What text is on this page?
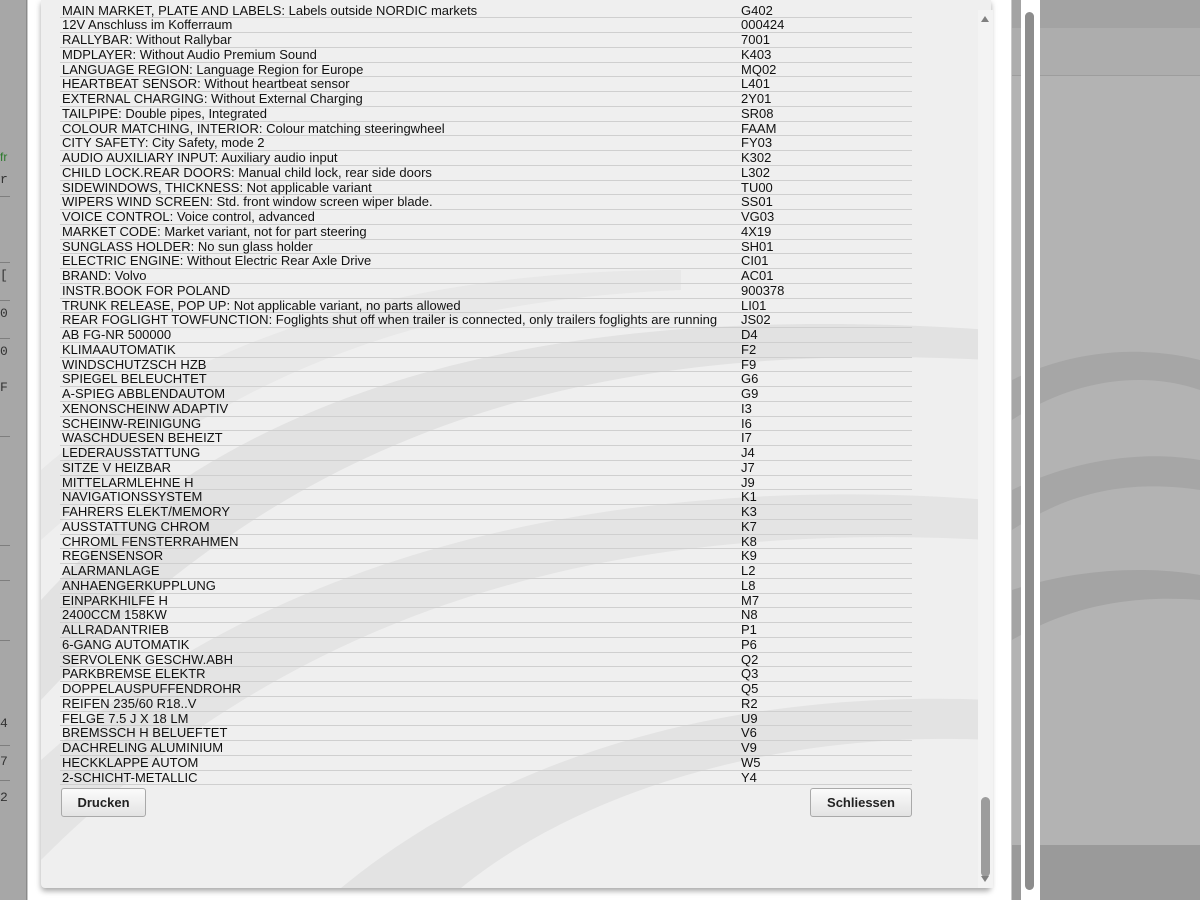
fr
r
[
0
0
F
4
7
2
MAIN MARKET, PLATE AND LABELS: Labels outside NORDIC markets	G402
12V Anschluss im Kofferraum	000424
RALLYBAR: Without Rallybar	7001
MDPLAYER: Without Audio Premium Sound	K403
LANGUAGE REGION: Language Region for Europe	MQ02
HEARTBEAT SENSOR: Without heartbeat sensor	L401
EXTERNAL CHARGING: Without External Charging	2Y01
TAILPIPE: Double pipes, Integrated	SR08
COLOUR MATCHING, INTERIOR: Colour matching steeringwheel	FAAM
CITY SAFETY: City Safety, mode 2	FY03
AUDIO AUXILIARY INPUT: Auxiliary audio input	K302
CHILD LOCK.REAR DOORS: Manual child lock, rear side doors	L302
SIDEWINDOWS, THICKNESS: Not applicable variant	TU00
WIPERS WIND SCREEN: Std. front window screen wiper blade.	SS01
VOICE CONTROL: Voice control, advanced	VG03
MARKET CODE: Market variant, not for part steering	4X19
SUNGLASS HOLDER: No sun glass holder	SH01
ELECTRIC ENGINE: Without Electric Rear Axle Drive	CI01
BRAND: Volvo	AC01
INSTR.BOOK FOR POLAND	900378
TRUNK RELEASE, POP UP: Not applicable variant, no parts allowed	LI01
REAR FOGLIGHT TOWFUNCTION: Foglights shut off when trailer is connected, only trailers foglights are running JS02
AB FG-NR 500000	D4
KLIMAAUTOMATIK	F2
WINDSCHUTZSCH HZB	F9
SPIEGEL BELEUCHTET	G6
A-SPIEG ABBLENDAUTOM	G9
XENONSCHEINW ADAPTIV	I3
SCHEINW-REINIGUNG	I6
WASCHDUESEN BEHEIZT	I7
LEDERAUSSTATTUNG	J4
SITZE V HEIZBAR	J7
MITTELARMLEHNE H	J9
NAVIGATIONSSYSTEM	K1
FAHRERS ELEKT/MEMORY	K3
AUSSTATTUNG CHROM	K7
CHROML FENSTERRAHMEN	K8
REGENSENSOR	K9
ALARMANLAGE	L2
ANHAENGERKUPPLUNG	L8
EINPARKHILFE H	M7
2400CCM 158KW	N8
ALLRADANTRIEB	P1
6-GANG AUTOMATIK	P6
SERVOLENK GESCHW.ABH	Q2
PARKBREMSE ELEKTR	Q3
DOPPELAUSPUFFENDROHR	Q5
REIFEN 235/60 R18..V	R2
FELGE 7.5 J X 18 LM	U9
BREMSSCH H BELUEFTET	V6
DACHRELING ALUMINIUM	V9
HECKKLAPPE AUTOM	W5
2-SCHICHT-METALLIC	Y4
Drucken	Schliessen
